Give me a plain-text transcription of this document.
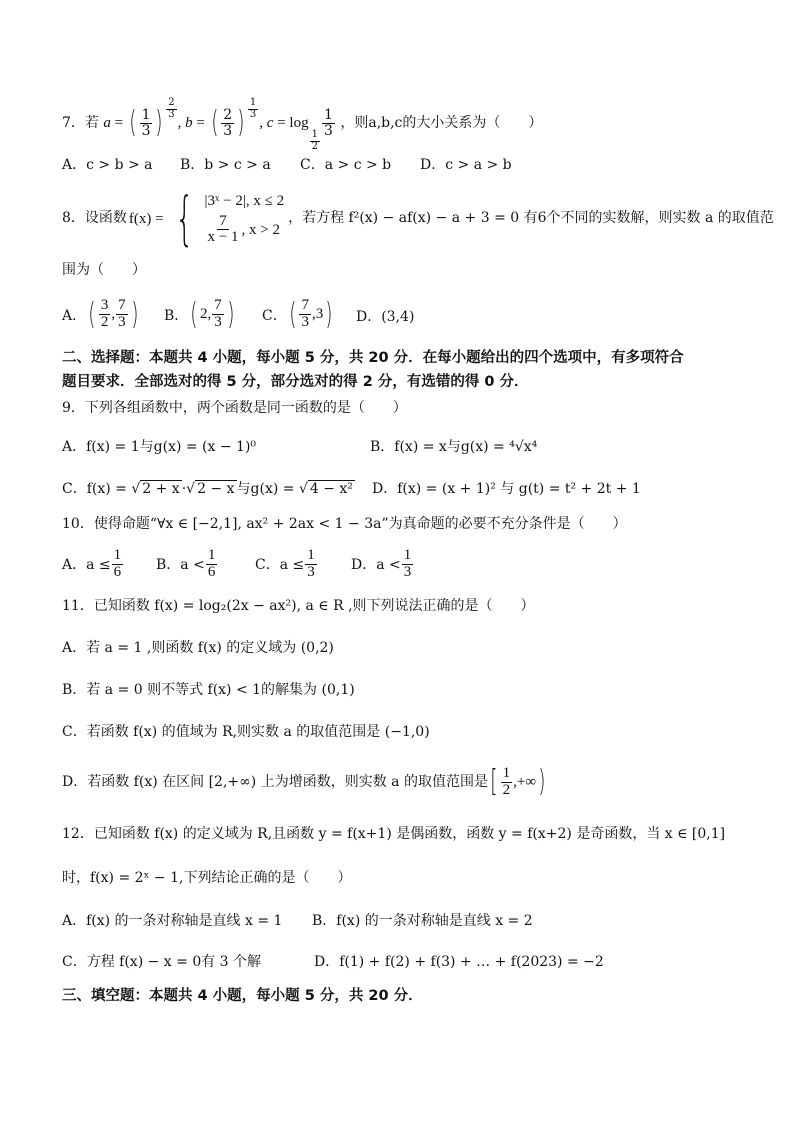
7．若 a = ( $\frac{1}{3}$ ) $\frac{2}{3}$
, b = ( $\frac{2}{3}$ ) $\frac{1}{3}$
, c = log
$\frac{1}{2}$
$\frac{1}{3}$ ，则a,b,c的大小关系为（　　）
A．c > b > a B．b > c > a C．a > c > b D．c > a > b
8．设函数 f(x) = { |3ˣ − 2|, x ≤ 2
$\frac{7}{x - 1}$ , x > 2
，若方程 f²(x) − af(x) − a + 3 = 0 有6个不同的实数解，则实数 a 的取值范
围为（　　）
A． ( $\frac{3}{2}$ , $\frac{7}{3}$ ) B． ( 2, $\frac{7}{3}$ ) C． ( $\frac{7}{3} ,3$ ) D．(3,4)
二、选择题：本题共 4 小题，每小题 5 分，共 20 分．在每小题给出的四个选项中，有多项符合
题目要求．全部选对的得 5 分，部分选对的得 2 分，有选错的得 0 分．
9．下列各组函数中，两个函数是同一函数的是（　　）
A．f(x) = 1与g(x) = (x − 1)⁰	B．f(x) = x与g(x) = ⁴√x⁴
C．f(x) = √ 2 + x ·√ 2 − x 与g(x) = √ 4 − x² D．f(x) = (x + 1)² 与 g(t) = t² + 2t + 1
10．使得命题“∀x ∈ [−2,1], ax² + 2ax < 1 − 3a”为真命题的必要不充分条件是（　　）
A．$a \le \frac{1}{6}$ B．$a < \frac{1}{6}$	C．$a \le \frac{1}{3}$ D．$a < \frac{1}{3}$
11．已知函数 f(x) = log₂(2x − ax²), a ∈ R ,则下列说法正确的是（　　）
A．若 a = 1 ,则函数 f(x) 的定义域为 (0,2)
B．若 a = 0 则不等式 f(x) < 1的解集为 (0,1)
C．若函数 f(x) 的值域为 R,则实数 a 的取值范围是 (−1,0)
D．若函数 f(x) 在区间 [2,+∞) 上为增函数，则实数 a 的取值范围是 [ $\frac{1}{2}$ ,+∞ )
12．已知函数 f(x) 的定义域为 R,且函数 y = f(x+1) 是偶函数，函数 y = f(x+2) 是奇函数，当 x ∈ [0,1]
时，f(x) = 2ˣ − 1,下列结论正确的是（　　）
A．f(x) 的一条对称轴是直线 x = 1 B．f(x) 的一条对称轴是直线 x = 2
C．方程 f(x) − x = 0有 3 个解	D．f(1) + f(2) + f(3) + … + f(2023) = −2
三、填空题：本题共 4 小题，每小题 5 分，共 20 分．
